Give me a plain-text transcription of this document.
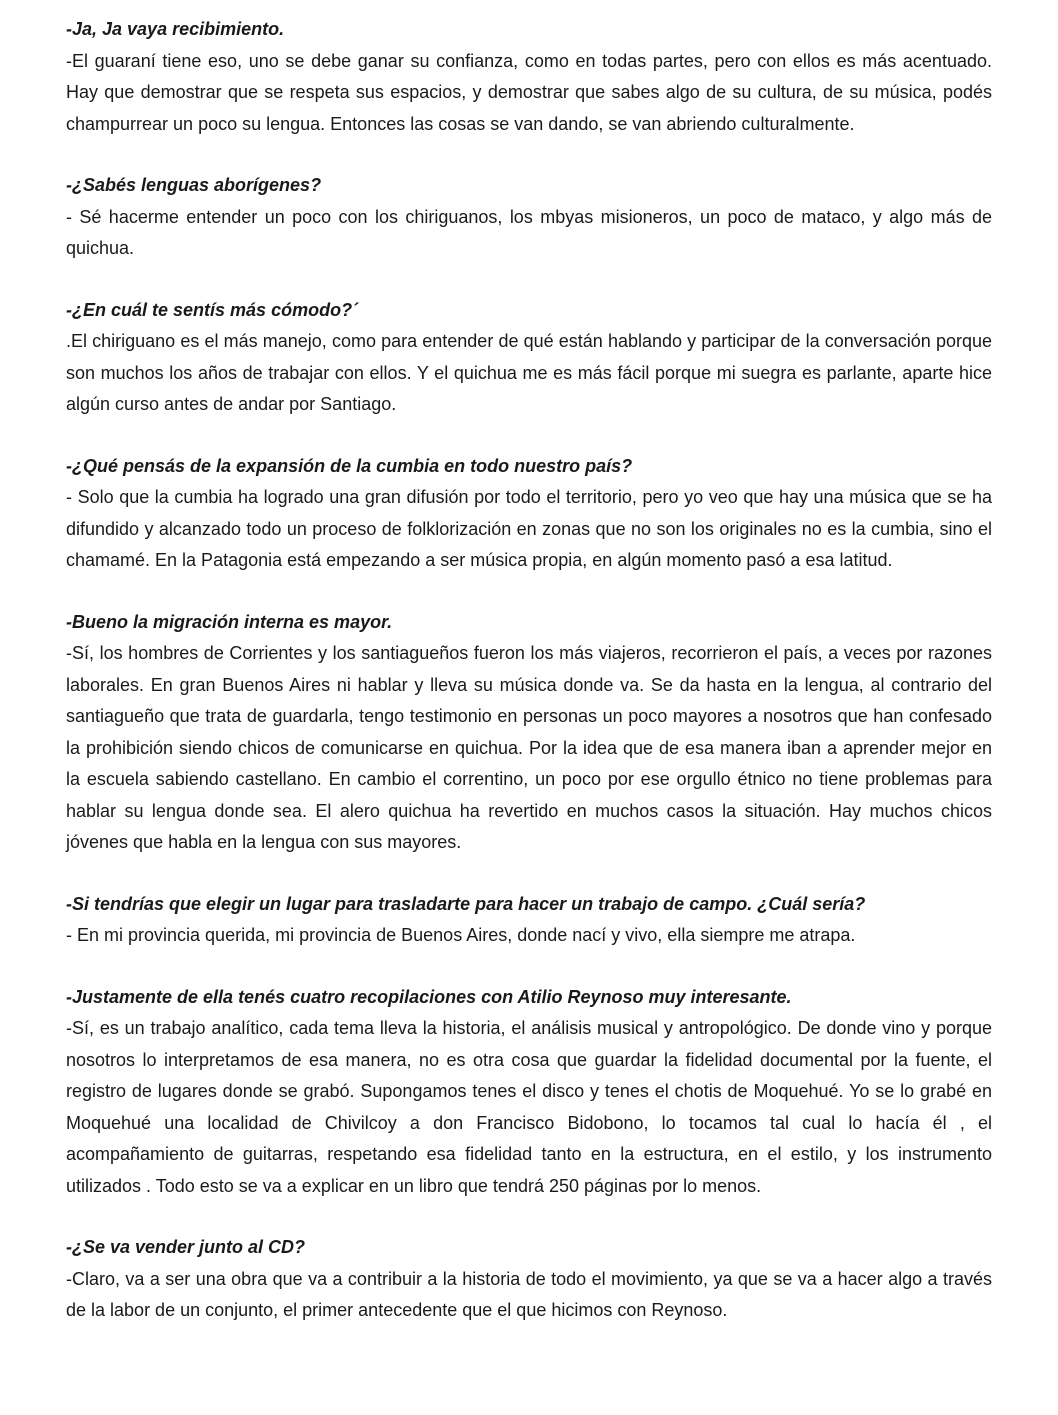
-Ja, Ja vaya recibimiento.

-El guaraní tiene eso, uno se debe ganar su confianza, como en todas partes, pero con ellos es más acentuado. Hay que demostrar que se respeta sus espacios, y demostrar que sabes algo de su cultura, de su música, podés champurrear un poco su lengua. Entonces las cosas se van dando, se van abriendo culturalmente.

-¿Sabés lenguas aborígenes?

- Sé hacerme entender un poco con los chiriguanos, los mbyas misioneros, un poco de mataco, y algo más de quichua.

-¿En cuál te sentís más cómodo?´

.El chiriguano es el más manejo, como para entender de qué están hablando y participar de la conversación porque son muchos los años de trabajar con ellos. Y el quichua me es más fácil porque mi suegra es parlante, aparte hice algún curso antes de andar por Santiago.

-¿Qué pensás de la expansión de la cumbia en todo nuestro país?

- Solo que la cumbia ha logrado una gran difusión por todo el territorio, pero yo veo que hay una música que se ha difundido y alcanzado todo un proceso de folklorización en zonas que no son los originales no es la cumbia, sino el chamamé. En la Patagonia está empezando a ser música propia, en algún momento pasó a esa latitud.

-Bueno la migración interna es mayor.

-Sí, los hombres de Corrientes y los santiagueños fueron los más viajeros, recorrieron el país, a veces por razones laborales. En gran Buenos Aires ni hablar y lleva su música donde va. Se da hasta en la lengua, al contrario del santiagueño que trata de guardarla, tengo testimonio en personas un poco mayores a nosotros que han confesado la prohibición siendo chicos de comunicarse en quichua. Por la idea que de esa manera iban a aprender mejor en la escuela sabiendo castellano. En cambio el correntino, un poco por ese orgullo étnico no tiene problemas para hablar su lengua donde sea. El alero quichua ha revertido en muchos casos la situación. Hay muchos chicos jóvenes que habla en la lengua con sus mayores.

-Si tendrías que elegir un lugar para trasladarte para hacer un trabajo de campo. ¿Cuál sería?

- En mi provincia querida, mi provincia de Buenos Aires, donde nací y vivo, ella siempre me atrapa.

-Justamente de ella tenés cuatro recopilaciones con Atilio Reynoso muy interesante.

-Sí, es un trabajo analítico, cada tema lleva la historia, el análisis musical y antropológico. De donde vino y porque nosotros lo interpretamos de esa manera, no es otra cosa que guardar la fidelidad documental por la fuente, el registro de lugares donde se grabó. Supongamos tenes el disco y tenes el chotis de Moquehué. Yo se lo grabé en Moquehué una localidad de Chivilcoy a don Francisco Bidobono, lo tocamos tal cual lo hacía él , el acompañamiento de guitarras, respetando esa fidelidad tanto en la estructura, en el estilo, y los instrumento utilizados . Todo esto se va a explicar en un libro que tendrá 250 páginas por lo menos.

-¿Se va vender junto al CD?

-Claro, va a ser una obra que va a contribuir a la historia de todo el movimiento, ya que se va a hacer algo a través de la labor de un conjunto, el primer antecedente que el que hicimos con Reynoso.
